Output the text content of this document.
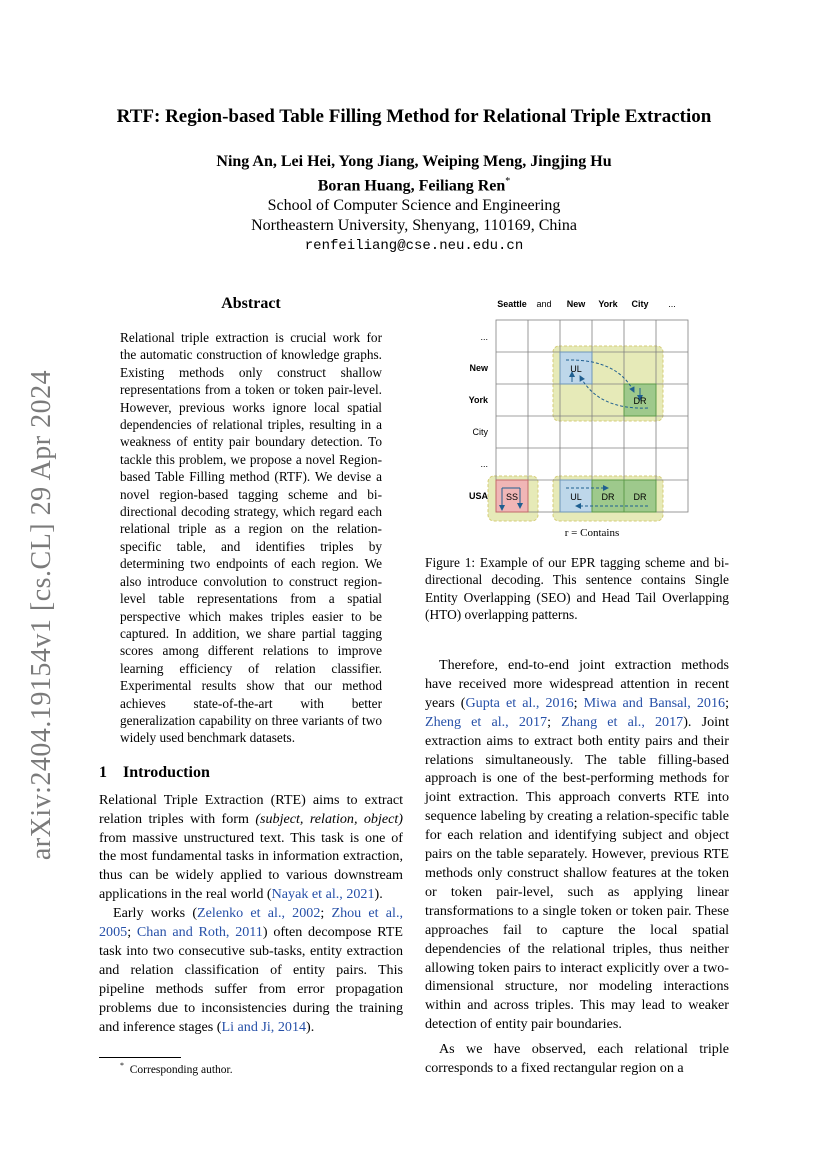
arXiv:2404.19154v1 [cs.CL] 29 Apr 2024
RTF: Region-based Table Filling Method for Relational Triple Extraction
Ning An, Lei Hei, Yong Jiang, Weiping Meng, Jingjing Hu
Boran Huang, Feiliang Ren*
School of Computer Science and Engineering
Northeastern University, Shenyang, 110169, China
renfeiliang@cse.neu.edu.cn
Abstract
Relational triple extraction is crucial work for the automatic construction of knowledge graphs. Existing methods only construct shallow representations from a token or token pair-level. However, previous works ignore local spatial dependencies of relational triples, resulting in a weakness of entity pair boundary detection. To tackle this problem, we propose a novel Region-based Table Filling method (RTF). We devise a novel region-based tagging scheme and bi-directional decoding strategy, which regard each relational triple as a region on the relation-specific table, and identifies triples by determining two endpoints of each region. We also introduce convolution to construct region-level table representations from a spatial perspective which makes triples easier to be captured. In addition, we share partial tagging scores among different relations to improve learning efficiency of relation classifier. Experimental results show that our method achieves state-of-the-art with better generalization capability on three variants of two widely used benchmark datasets.
1 Introduction

Relational Triple Extraction (RTE) aims to extract relation triples with form (subject, relation, object) from massive unstructured text. This task is one of the most fundamental tasks in information extraction, thus can be widely applied to various downstream applications in the real world (Nayak et al., 2021).

Early works (Zelenko et al., 2002; Zhou et al., 2005; Chan and Roth, 2011) often decompose RTE task into two consecutive sub-tasks, entity extraction and relation classification of entity pairs. This pipeline methods suffer from error propagation problems due to inconsistencies during the training and inference stages (Li and Ji, 2014).

* Corresponding author.
Seattle and New York City ...
...
New
York
City
...
USA
UL
DR
SS	UL DR DR
r = Contains
Figure 1: Example of our EPR tagging scheme and bi-directional decoding. This sentence contains Single Entity Overlapping (SEO) and Head Tail Overlapping (HTO) overlapping patterns.

Therefore, end-to-end joint extraction methods have received more widespread attention in recent years (Gupta et al., 2016; Miwa and Bansal, 2016; Zheng et al., 2017; Zhang et al., 2017). Joint extraction aims to extract both entity pairs and their relations simultaneously. The table filling-based approach is one of the best-performing methods for joint extraction. This approach converts RTE into sequence labeling by creating a relation-specific table for each relation and identifying subject and object pairs on the table separately. However, previous RTE methods only construct shallow features at the token or token pair-level, such as applying linear transformations to a single token or token pair. These approaches fail to capture the local spatial dependencies of the relational triples, thus neither allowing token pairs to interact explicitly over a two-dimensional structure, nor modeling interactions within and across triples. This may lead to weaker detection of entity pair boundaries.

As we have observed, each relational triple corresponds to a fixed rectangular region on a
